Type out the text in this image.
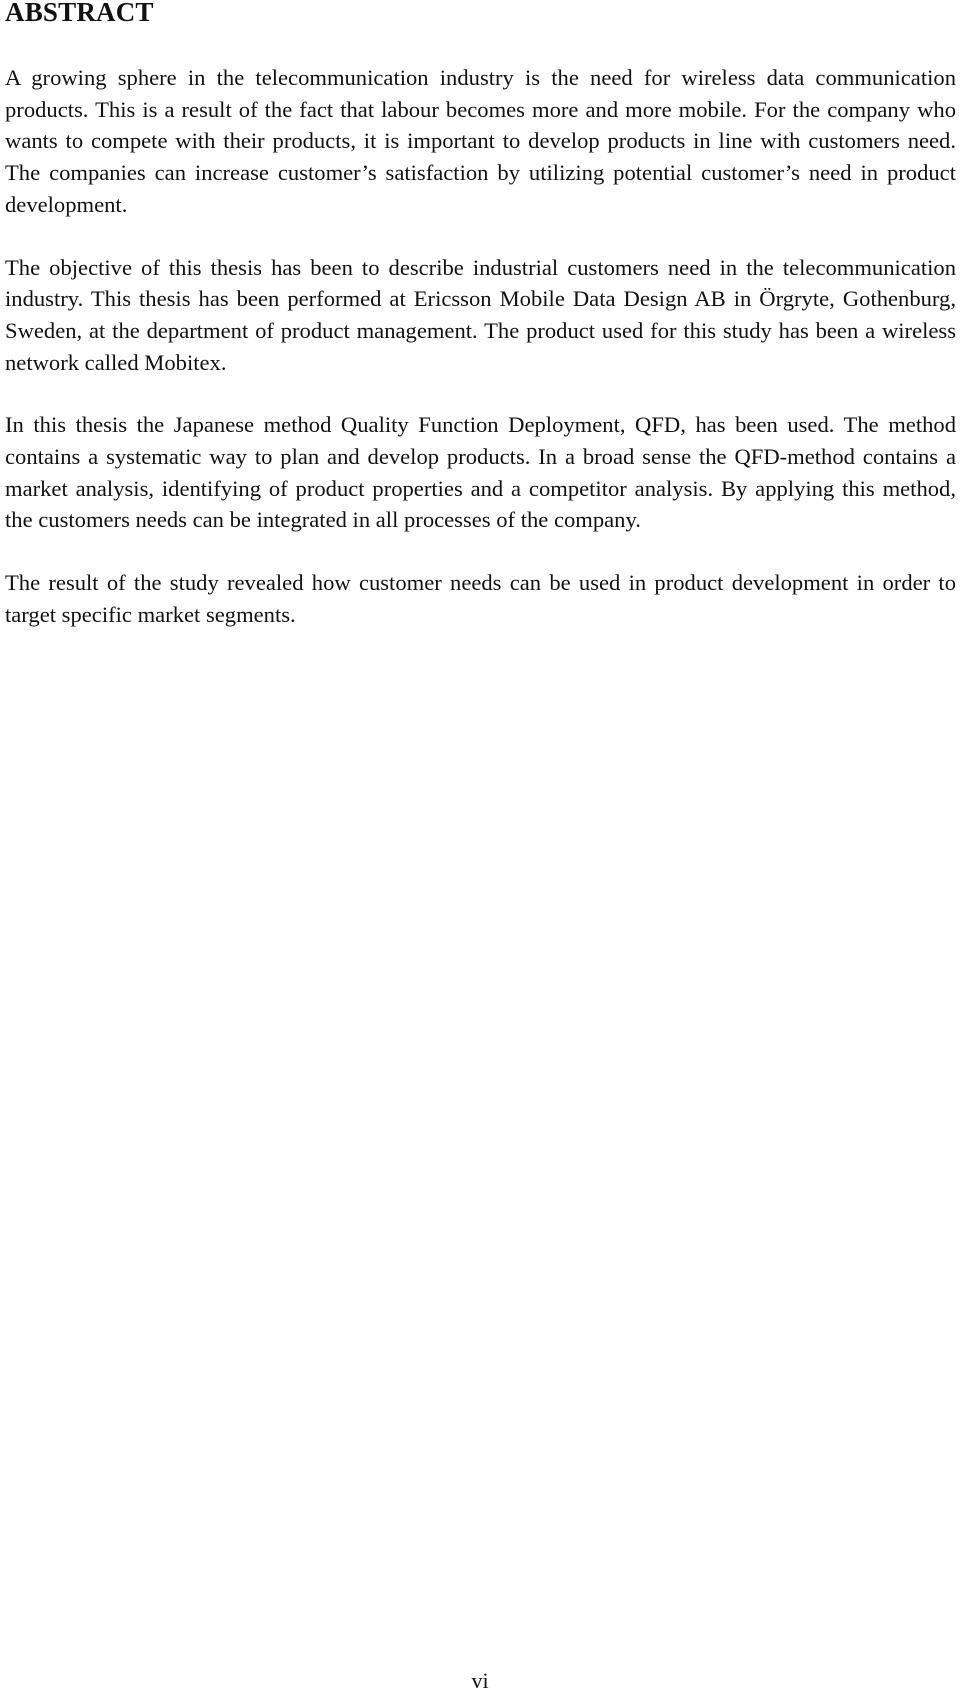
ABSTRACT

A growing sphere in the telecommunication industry is the need for wireless data communication products. This is a result of the fact that labour becomes more and more mobile. For the company who wants to compete with their products, it is important to develop products in line with customers need. The companies can increase customer’s satisfaction by utilizing potential customer’s need in product development.

The objective of this thesis has been to describe industrial customers need in the telecommunication industry. This thesis has been performed at Ericsson Mobile Data Design AB in Örgryte, Gothenburg, Sweden, at the department of product management. The product used for this study has been a wireless network called Mobitex.

In this thesis the Japanese method Quality Function Deployment, QFD, has been used. The method contains a systematic way to plan and develop products. In a broad sense the QFD-method contains a market analysis, identifying of product properties and a competitor analysis. By applying this method, the customers needs can be integrated in all processes of the company.

The result of the study revealed how customer needs can be used in product development in order to target specific market segments.

vi
